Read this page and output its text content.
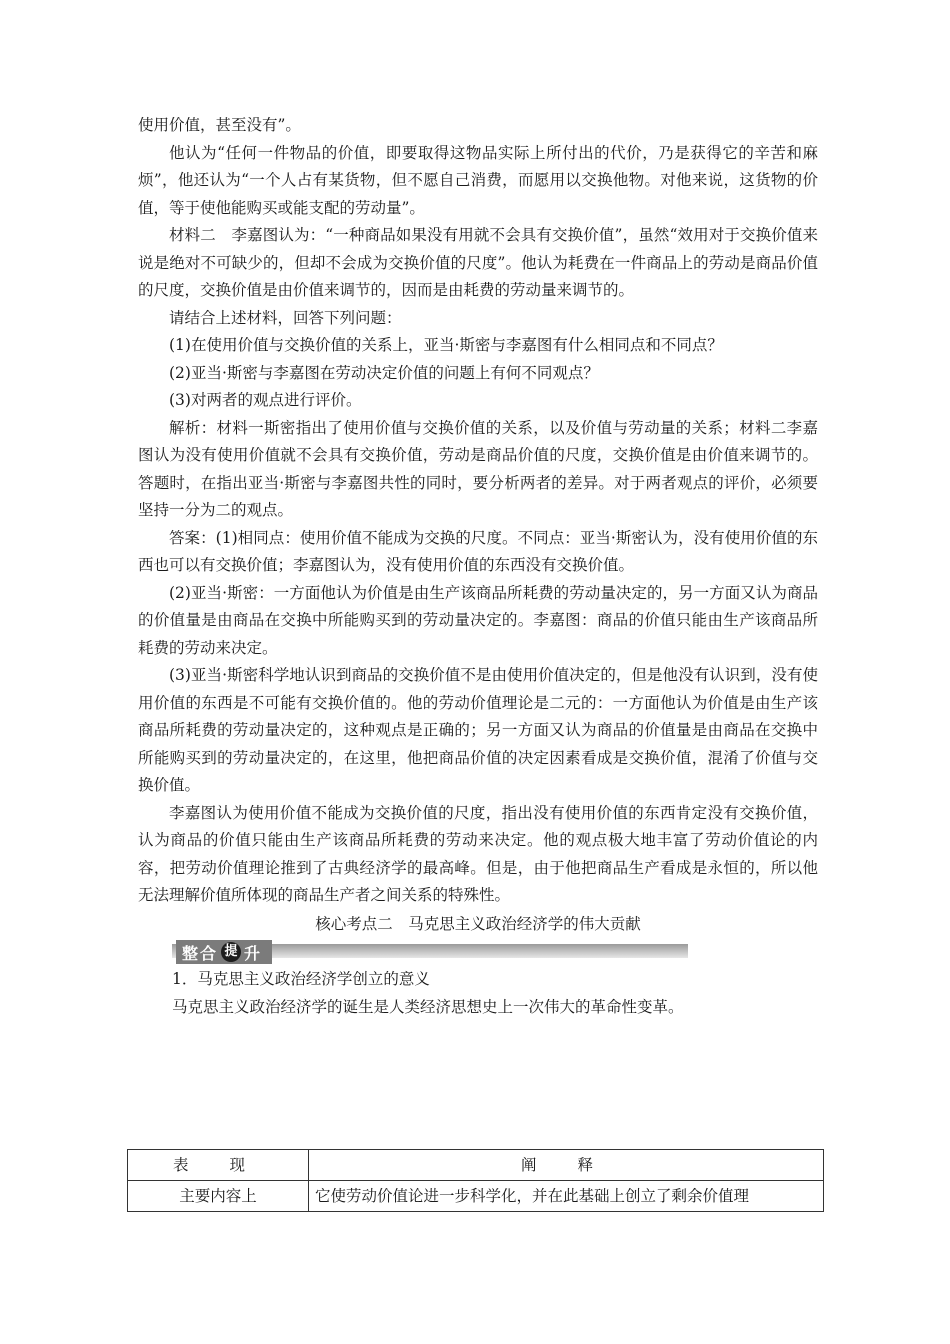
使用价值，甚至没有”。

他认为“任何一件物品的价值，即要取得这物品实际上所付出的代价，乃是获得它的辛苦和麻烦”，他还认为“一个人占有某货物，但不愿自己消费，而愿用以交换他物。对他来说，这货物的价值，等于使他能购买或能支配的劳动量”。

材料二　李嘉图认为：“一种商品如果没有用就不会具有交换价值”，虽然“效用对于交换价值来说是绝对不可缺少的，但却不会成为交换价值的尺度”。他认为耗费在一件商品上的劳动是商品价值的尺度，交换价值是由价值来调节的，因而是由耗费的劳动量来调节的。

请结合上述材料，回答下列问题：

(1)在使用价值与交换价值的关系上，亚当·斯密与李嘉图有什么相同点和不同点？

(2)亚当·斯密与李嘉图在劳动决定价值的问题上有何不同观点？

(3)对两者的观点进行评价。

解析：材料一斯密指出了使用价值与交换价值的关系，以及价值与劳动量的关系；材料二李嘉图认为没有使用价值就不会具有交换价值，劳动是商品价值的尺度，交换价值是由价值来调节的。答题时，在指出亚当·斯密与李嘉图共性的同时，要分析两者的差异。对于两者观点的评价，必须要坚持一分为二的观点。

答案：(1)相同点：使用价值不能成为交换的尺度。不同点：亚当·斯密认为，没有使用价值的东西也可以有交换价值；李嘉图认为，没有使用价值的东西没有交换价值。

(2)亚当·斯密：一方面他认为价值是由生产该商品所耗费的劳动量决定的，另一方面又认为商品的价值量是由商品在交换中所能购买到的劳动量决定的。李嘉图：商品的价值只能由生产该商品所耗费的劳动来决定。

(3)亚当·斯密科学地认识到商品的交换价值不是由使用价值决定的，但是他没有认识到，没有使用价值的东西是不可能有交换价值的。他的劳动价值理论是二元的：一方面他认为价值是由生产该商品所耗费的劳动量决定的，这种观点是正确的；另一方面又认为商品的价值量是由商品在交换中所能购买到的劳动量决定的，在这里，他把商品价值的决定因素看成是交换价值，混淆了价值与交换价值。

李嘉图认为使用价值不能成为交换价值的尺度，指出没有使用价值的东西肯定没有交换价值，认为商品的价值只能由生产该商品所耗费的劳动来决定。他的观点极大地丰富了劳动价值论的内容，把劳动价值理论推到了古典经济学的最高峰。但是，由于他把商品生产看成是永恒的，所以他无法理解价值所体现的商品生产者之间关系的特殊性。

核心考点二　马克思主义政治经济学的伟大贡献

整合 提 升

1．马克思主义政治经济学创立的意义

马克思主义政治经济学的诞生是人类经济思想史上一次伟大的革命性变革。

表 现	阐 释
主要内容上	它使劳动价值论进一步科学化，并在此基础上创立了剩余价值理
